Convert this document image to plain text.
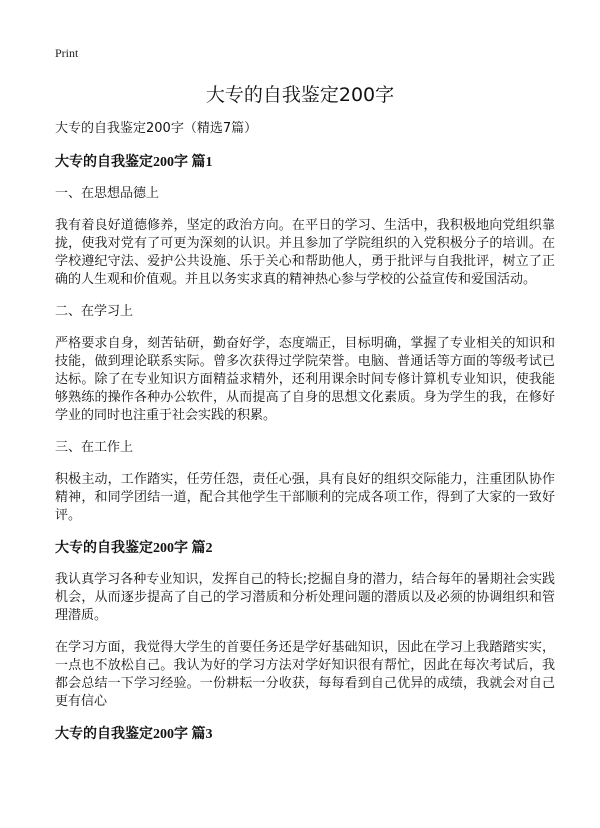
Print
大专的自我鉴定200字

大专的自我鉴定200字（精选7篇）

大专的自我鉴定200字 篇1
一、在思想品德上

我有着良好道德修养，坚定的政治方向。在平日的学习、生活中，我积极地向党组织靠拢，使我对党有了可更为深刻的认识。并且参加了学院组织的入党积极分子的培训。在学校遵纪守法、爱护公共设施、乐于关心和帮助他人，勇于批评与自我批评，树立了正确的人生观和价值观。并且以务实求真的精神热心参与学校的公益宣传和爱国活动。

二、在学习上

严格要求自身，刻苦钻研，勤奋好学，态度端正，目标明确，掌握了专业相关的知识和技能，做到理论联系实际。曾多次获得过学院荣誉。电脑、普通话等方面的等级考试已达标。除了在专业知识方面精益求精外，还利用课余时间专修计算机专业知识，使我能够熟练的操作各种办公软件，从而提高了自身的思想文化素质。身为学生的我，在修好学业的同时也注重于社会实践的积累。

三、在工作上

积极主动，工作踏实，任劳任怨，责任心强，具有良好的组织交际能力，注重团队协作精神，和同学团结一道，配合其他学生干部顺利的完成各项工作，得到了大家的一致好评。

大专的自我鉴定200字 篇2

我认真学习各种专业知识，发挥自己的特长;挖掘自身的潜力，结合每年的暑期社会实践机会，从而逐步提高了自己的学习潜质和分析处理问题的潜质以及必须的协调组织和管理潜质。

在学习方面，我觉得大学生的首要任务还是学好基础知识，因此在学习上我踏踏实实，一点也不放松自己。我认为好的学习方法对学好知识很有帮忙，因此在每次考试后，我都会总结一下学习经验。一份耕耘一分收获，每每看到自己优异的成绩，我就会对自己更有信心

大专的自我鉴定200字 篇3
